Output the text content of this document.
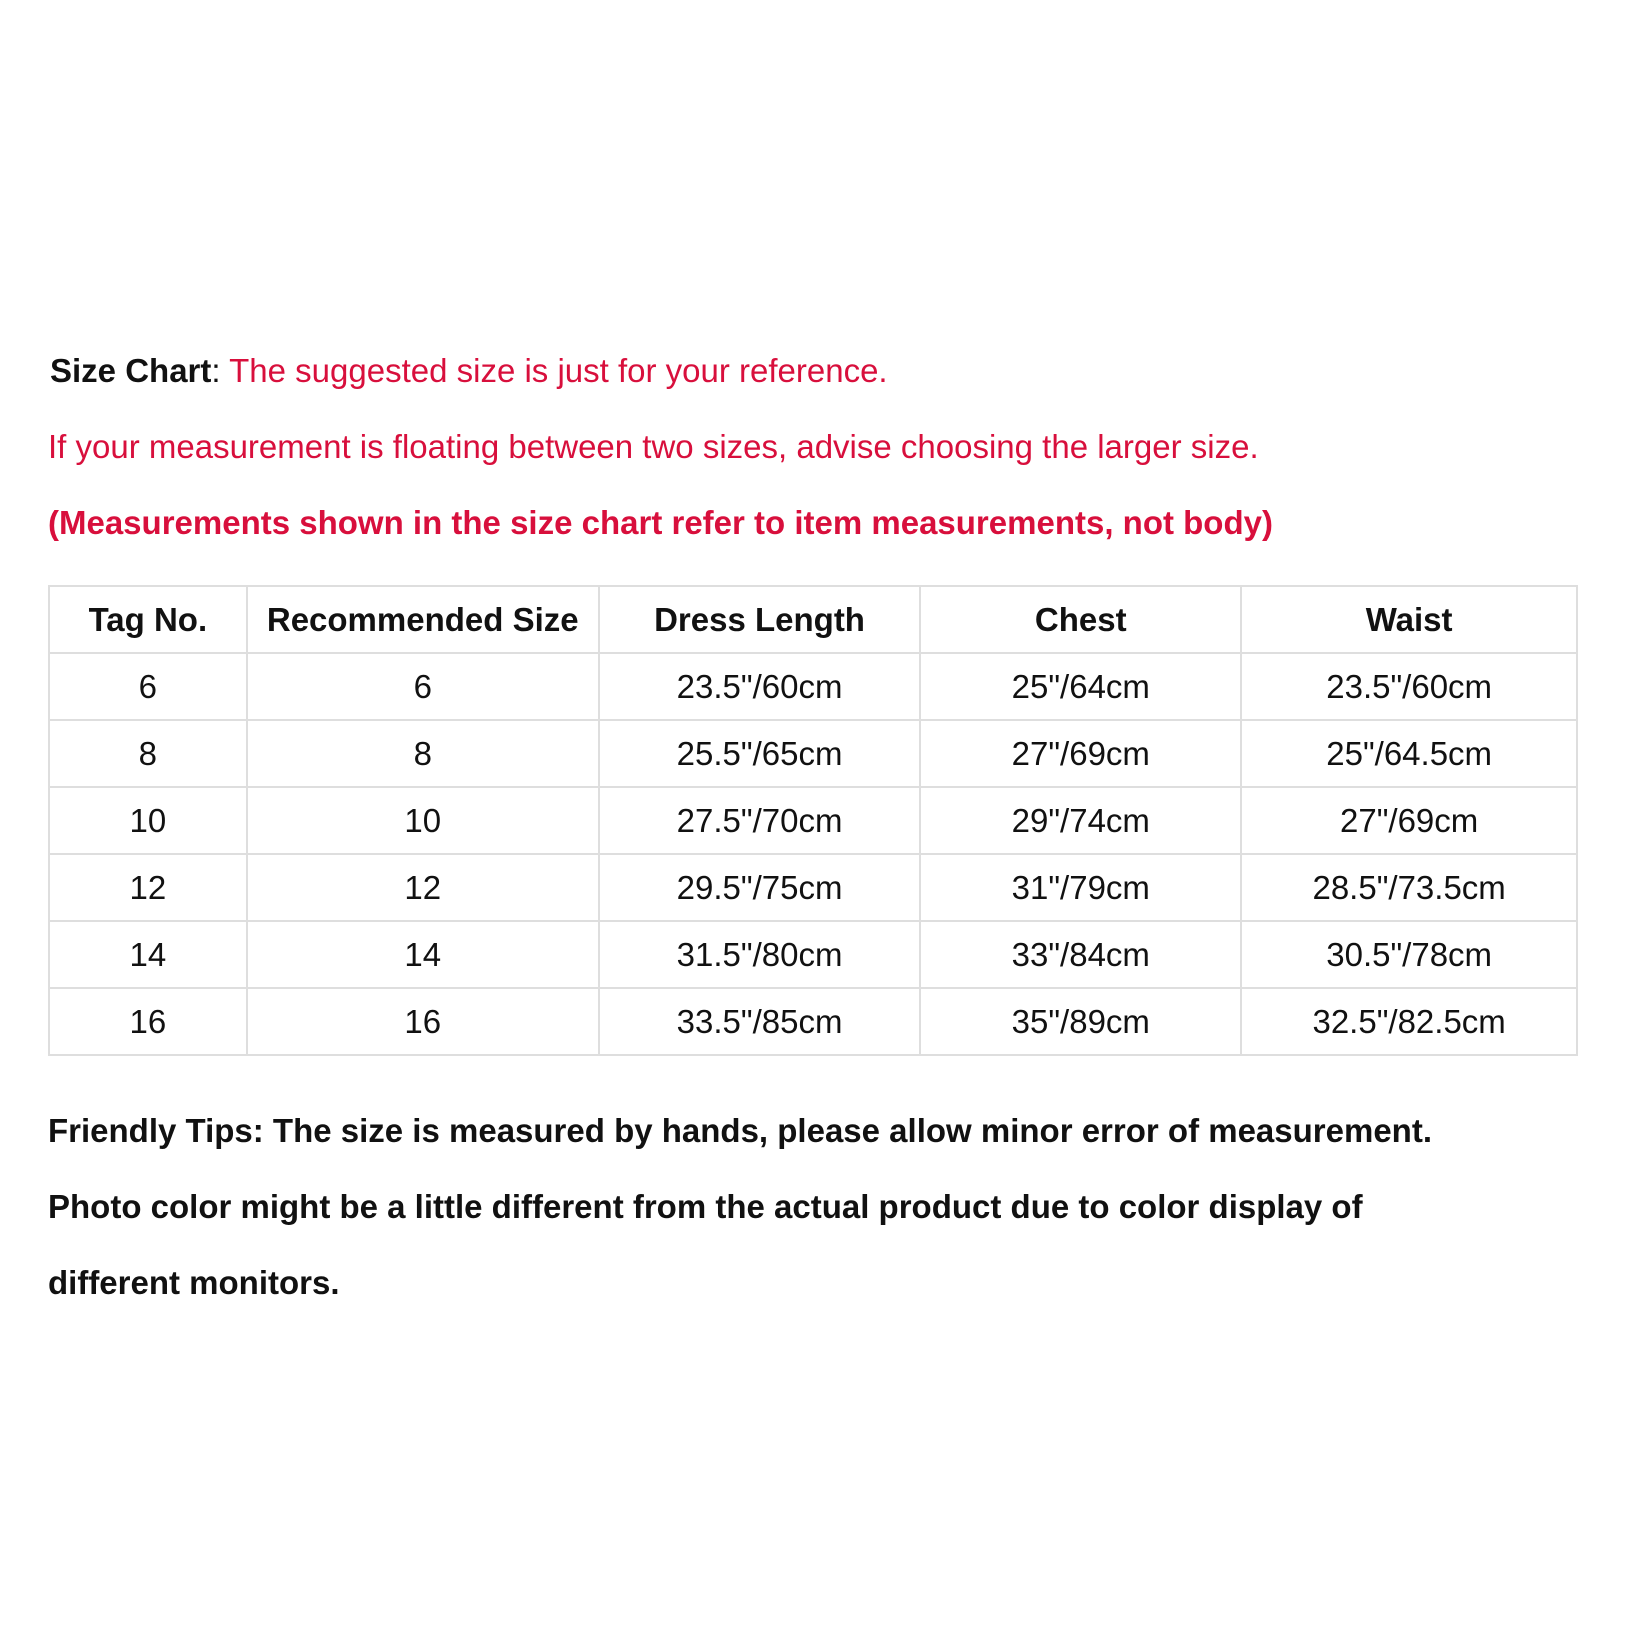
Size Chart: The suggested size is just for your reference.
If your measurement is floating between two sizes, advise choosing the larger size.
(Measurements shown in the size chart refer to item measurements, not body)
Tag No.	Recommended Size	Dress Length	Chest	Waist
6	6	23.5"/60cm	25"/64cm	23.5"/60cm
8	8	25.5"/65cm	27"/69cm	25"/64.5cm
10	10	27.5"/70cm	29"/74cm	27"/69cm
12	12	29.5"/75cm	31"/79cm	28.5"/73.5cm
14	14	31.5"/80cm	33"/84cm	30.5"/78cm
16	16	33.5"/85cm	35"/89cm	32.5"/82.5cm
Friendly Tips: The size is measured by hands, please allow minor error of measurement.
Photo color might be a little different from the actual product due to color display of
different monitors.
